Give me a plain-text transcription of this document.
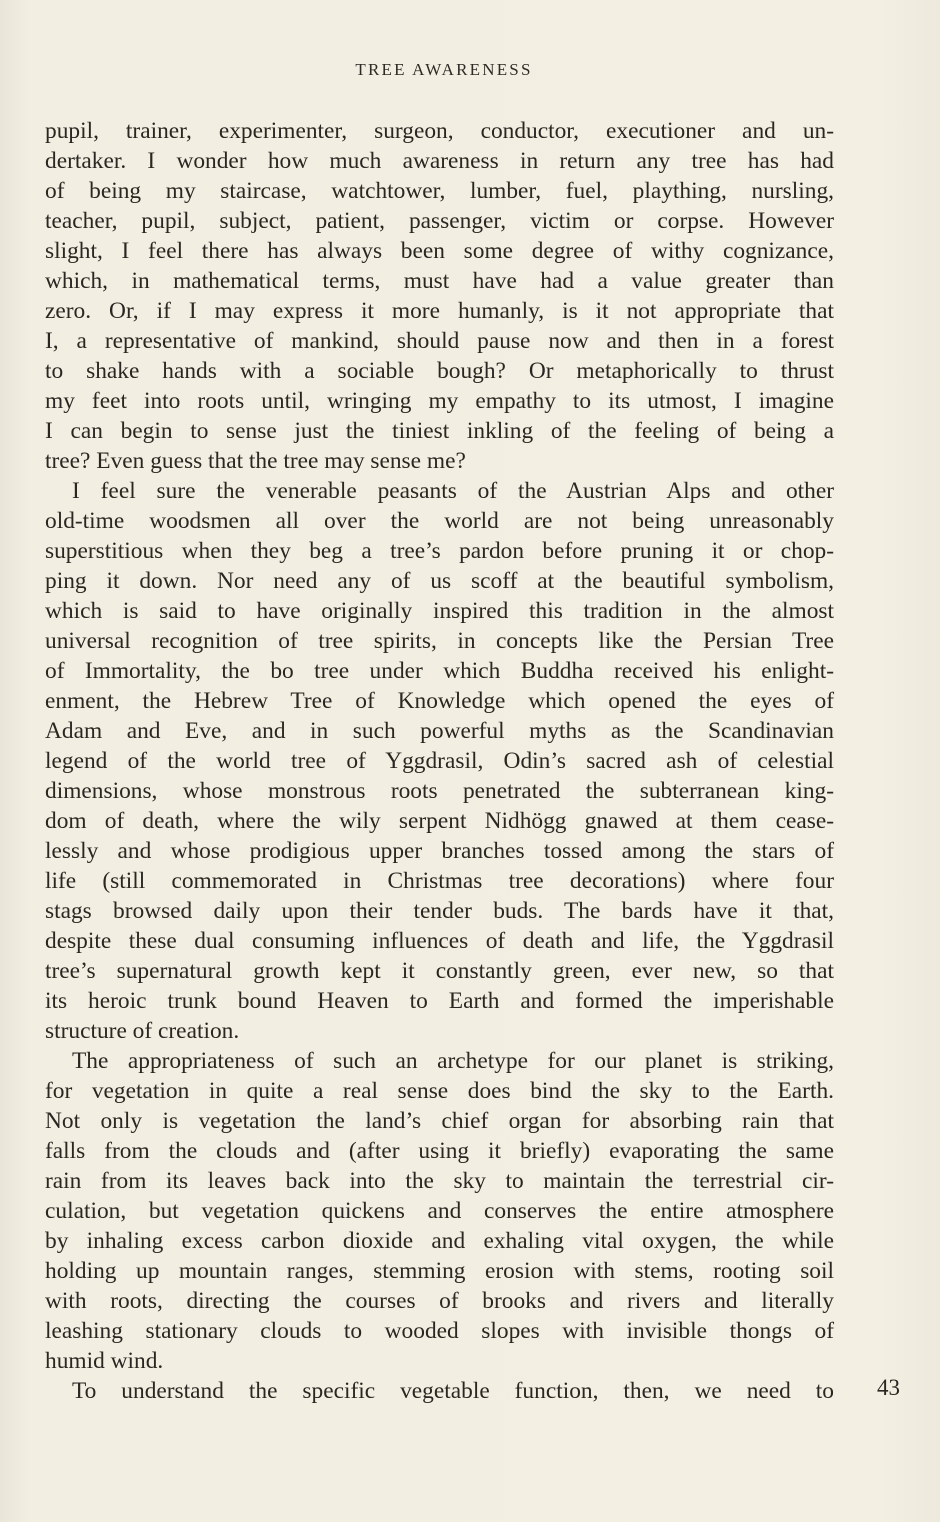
TREE AWARENESS
pupil, trainer, experimenter, surgeon, conductor, executioner and un-
dertaker. I wonder how much awareness in return any tree has had
of being my staircase, watchtower, lumber, fuel, plaything, nursling,
teacher, pupil, subject, patient, passenger, victim or corpse. However
slight, I feel there has always been some degree of withy cognizance,
which, in mathematical terms, must have had a value greater than
zero. Or, if I may express it more humanly, is it not appropriate that
I, a representative of mankind, should pause now and then in a forest
to shake hands with a sociable bough? Or metaphorically to thrust
my feet into roots until, wringing my empathy to its utmost, I imagine
I can begin to sense just the tiniest inkling of the feeling of being a
tree? Even guess that the tree may sense me?
I feel sure the venerable peasants of the Austrian Alps and other
old-time woodsmen all over the world are not being unreasonably
superstitious when they beg a tree’s pardon before pruning it or chop-
ping it down. Nor need any of us scoff at the beautiful symbolism,
which is said to have originally inspired this tradition in the almost
universal recognition of tree spirits, in concepts like the Persian Tree
of Immortality, the bo tree under which Buddha received his enlight-
enment, the Hebrew Tree of Knowledge which opened the eyes of
Adam and Eve, and in such powerful myths as the Scandinavian
legend of the world tree of Yggdrasil, Odin’s sacred ash of celestial
dimensions, whose monstrous roots penetrated the subterranean king-
dom of death, where the wily serpent Nidhögg gnawed at them cease-
lessly and whose prodigious upper branches tossed among the stars of
life (still commemorated in Christmas tree decorations) where four
stags browsed daily upon their tender buds. The bards have it that,
despite these dual consuming influences of death and life, the Yggdrasil
tree’s supernatural growth kept it constantly green, ever new, so that
its heroic trunk bound Heaven to Earth and formed the imperishable
structure of creation.
The appropriateness of such an archetype for our planet is striking,
for vegetation in quite a real sense does bind the sky to the Earth.
Not only is vegetation the land’s chief organ for absorbing rain that
falls from the clouds and (after using it briefly) evaporating the same
rain from its leaves back into the sky to maintain the terrestrial cir-
culation, but vegetation quickens and conserves the entire atmosphere
by inhaling excess carbon dioxide and exhaling vital oxygen, the while
holding up mountain ranges, stemming erosion with stems, rooting soil
with roots, directing the courses of brooks and rivers and literally
leashing stationary clouds to wooded slopes with invisible thongs of
humid wind.
To understand the specific vegetable function, then, we need to 43
